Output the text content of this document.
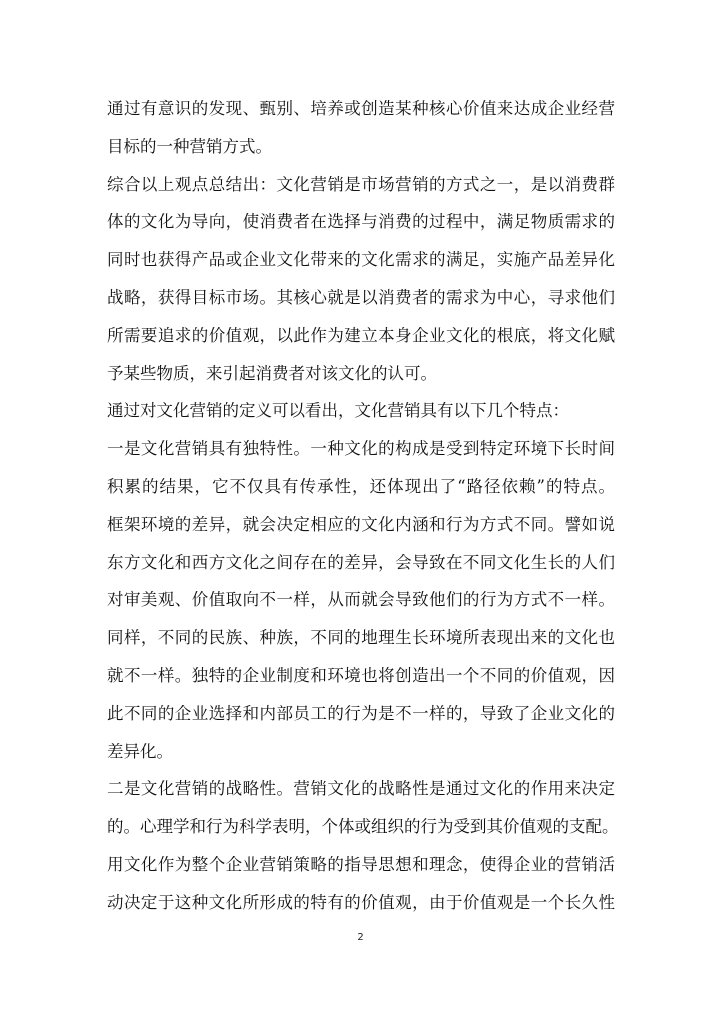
通过有意识的发现、甄别、培养或创造某种核心价值来达成企业经营
目标的一种营销方式。
综合以上观点总结出：文化营销是市场营销的方式之一，是以消费群
体的文化为导向，使消费者在选择与消费的过程中，满足物质需求的
同时也获得产品或企业文化带来的文化需求的满足，实施产品差异化
战略，获得目标市场。其核心就是以消费者的需求为中心，寻求他们
所需要追求的价值观，以此作为建立本身企业文化的根底，将文化赋
予某些物质，来引起消费者对该文化的认可。
通过对文化营销的定义可以看出，文化营销具有以下几个特点：
一是文化营销具有独特性。一种文化的构成是受到特定环境下长时间
积累的结果，它不仅具有传承性，还体现出了“路径依赖”的特点。
框架环境的差异，就会决定相应的文化内涵和行为方式不同。譬如说
东方文化和西方文化之间存在的差异，会导致在不同文化生长的人们
对审美观、价值取向不一样，从而就会导致他们的行为方式不一样。
同样，不同的民族、种族，不同的地理生长环境所表现出来的文化也
就不一样。独特的企业制度和环境也将创造出一个不同的价值观，因
此不同的企业选择和内部员工的行为是不一样的，导致了企业文化的
差异化。
二是文化营销的战略性。营销文化的战略性是通过文化的作用来决定
的。心理学和行为科学表明，个体或组织的行为受到其价值观的支配。
用文化作为整个企业营销策略的指导思想和理念，使得企业的营销活
动决定于这种文化所形成的特有的价值观，由于价值观是一个长久性
2
